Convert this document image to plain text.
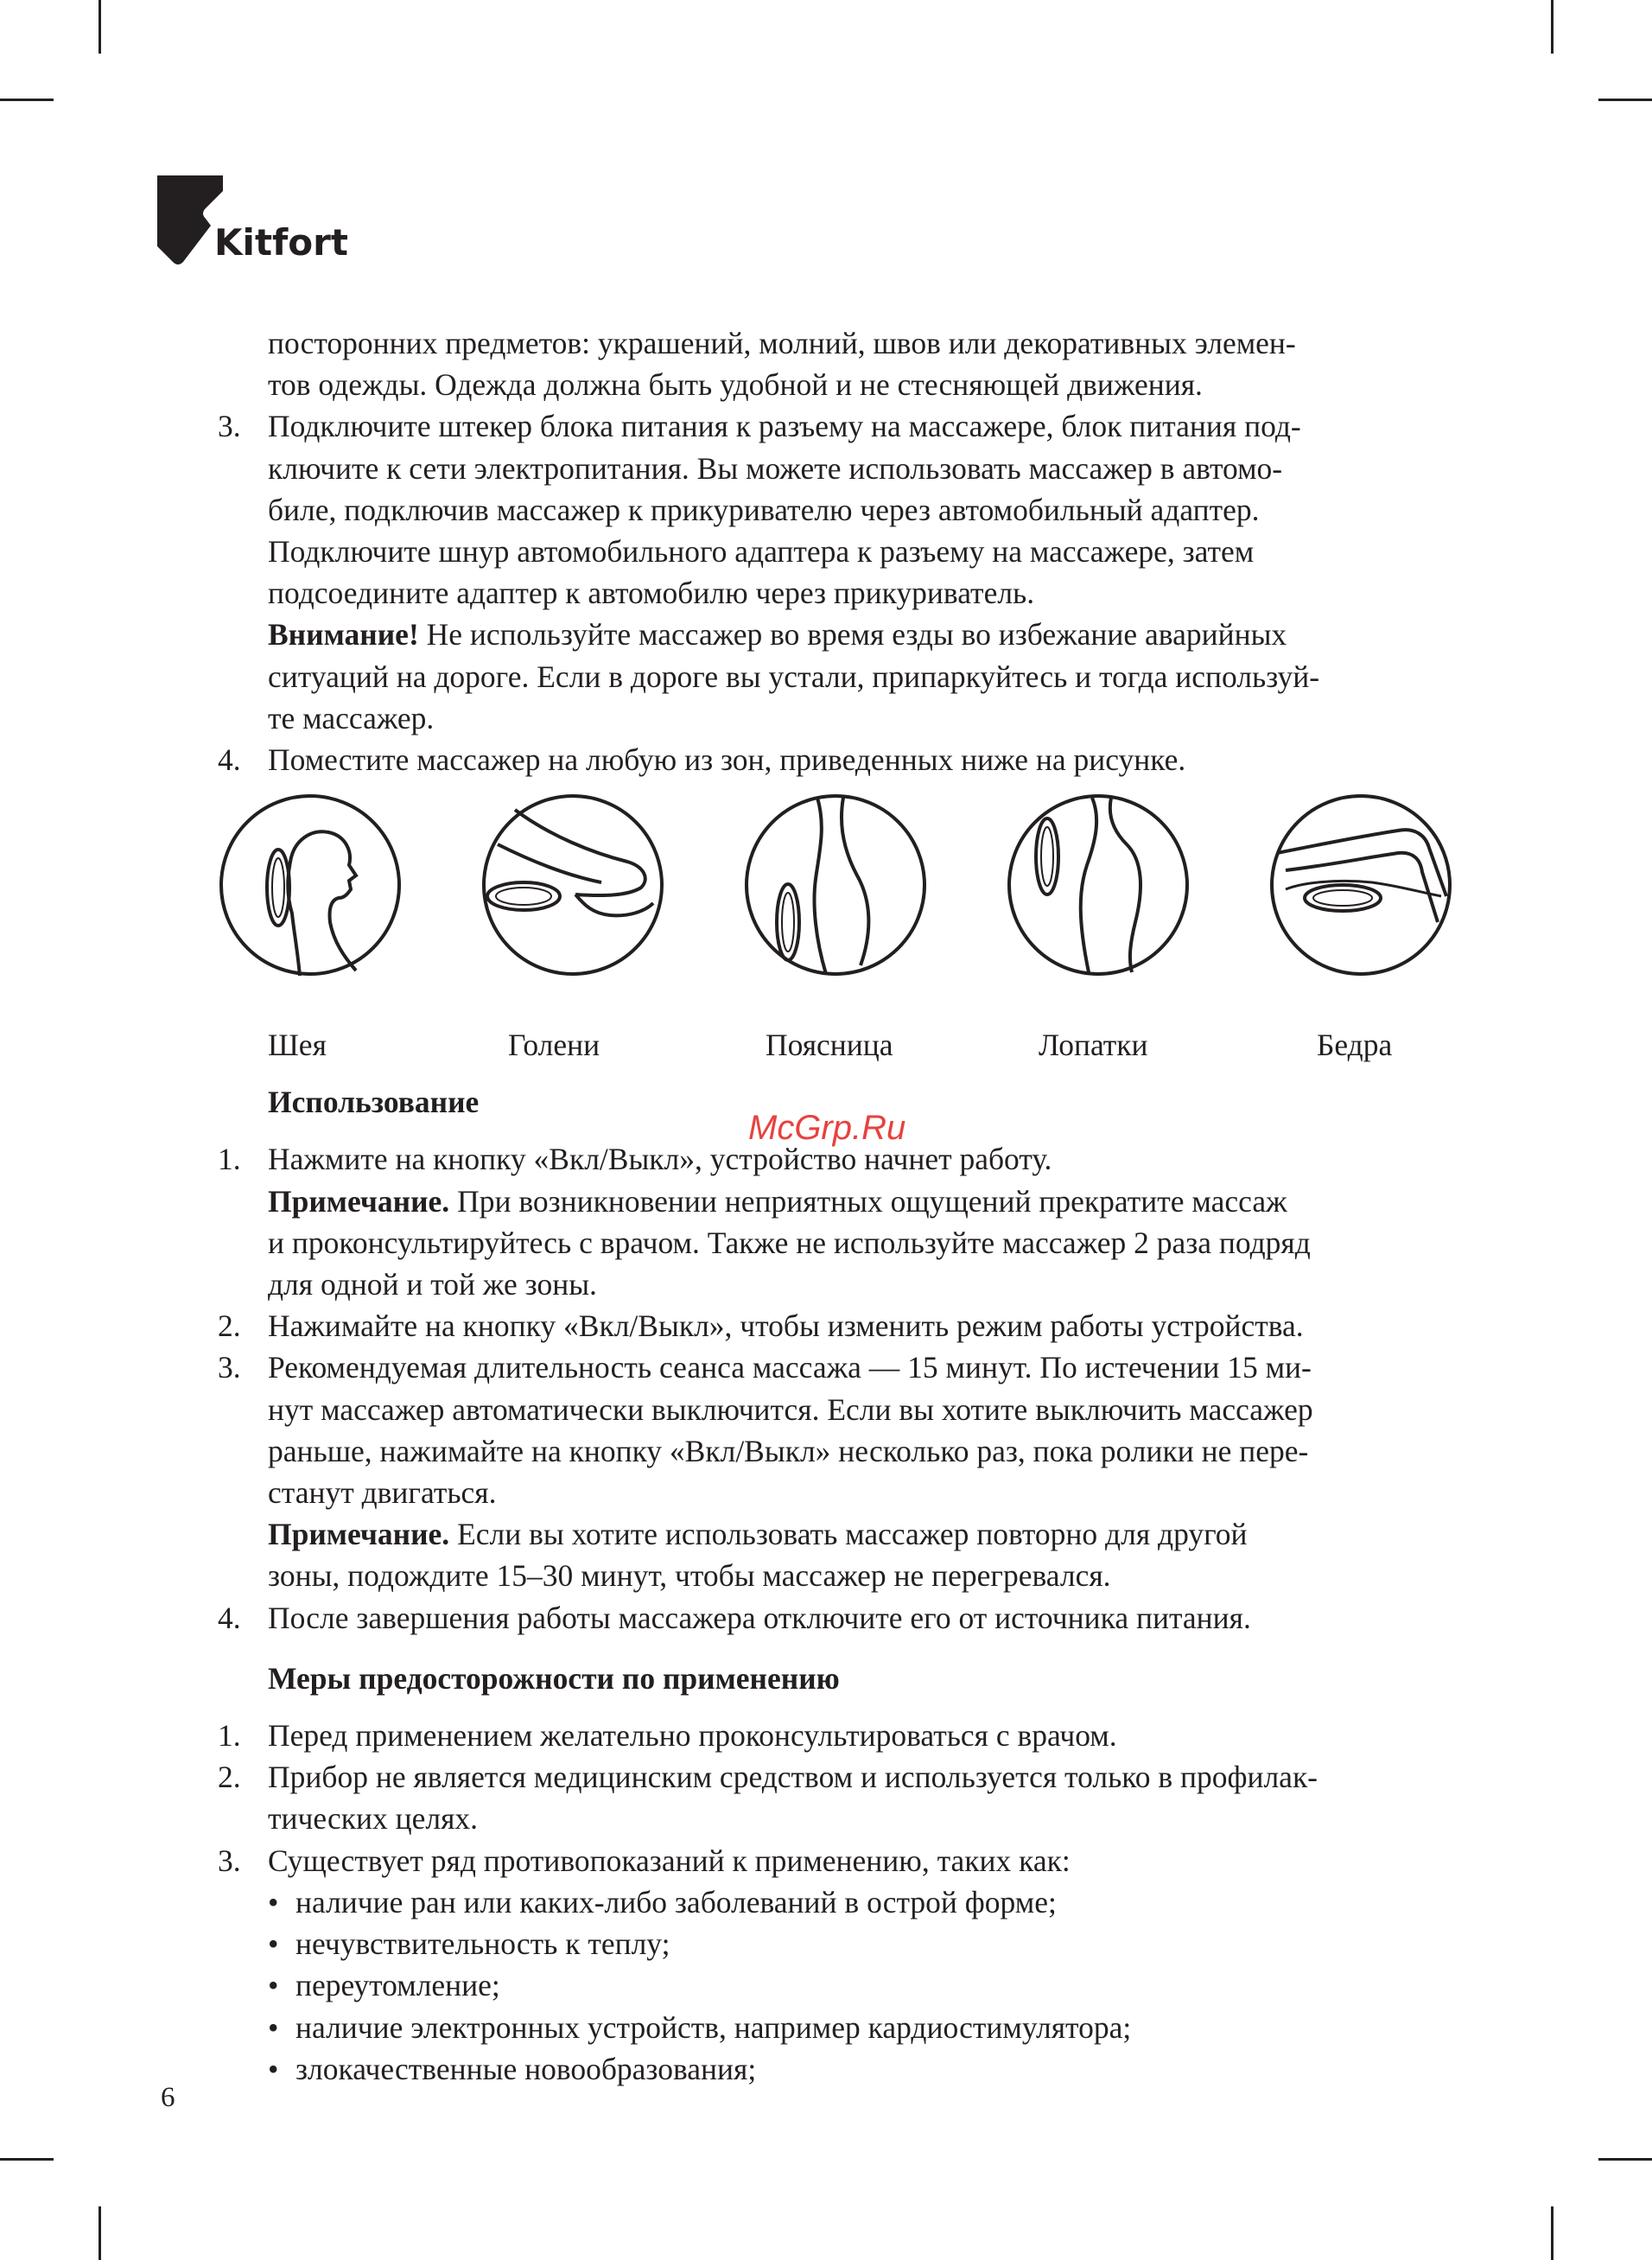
Kitfort

посторонних предметов: украшений, молний, швов или декоративных элемен-

тов одежды. Одежда должна быть удобной и не стесняющей движения.

3. Подключите штекер блока питания к разъему на массажере, блок питания под-

ключите к сети электропитания. Вы можете использовать массажер в автомо-

биле, подключив массажер к прикуривателю через автомобильный адаптер.

Подключите шнур автомобильного адаптера к разъему на массажере, затем

подсоедините адаптер к автомобилю через прикуриватель.

Внимание! Не используйте массажер во время езды во избежание аварийных

ситуаций на дороге. Если в дороге вы устали, припаркуйтесь и тогда используй-

те массажер.

4. Поместите массажер на любую из зон, приведенных ниже на рисунке.

Шея	Голени	Поясница	Лопатки	Бедра
Использование

1. Нажмите на кнопку «Вкл/Выкл», устройство начнет работу.

Примечание. При возникновении неприятных ощущений прекратите массаж

и проконсультируйтесь с врачом. Также не используйте массажер 2 раза подряд

для одной и той же зоны.

2. Нажимайте на кнопку «Вкл/Выкл», чтобы изменить режим работы устройства.

3. Рекомендуемая длительность сеанса массажа — 15 минут. По истечении 15 ми-

нут массажер автоматически выключится. Если вы хотите выключить массажер

раньше, нажимайте на кнопку «Вкл/Выкл» несколько раз, пока ролики не пере-

станут двигаться.

Примечание. Если вы хотите использовать массажер повторно для другой

зоны, подождите 15–30 минут, чтобы массажер не перегревался.

4. После завершения работы массажера отключите его от источника питания.

Меры предосторожности по применению

1. Перед применением желательно проконсультироваться с врачом.

2. Прибор не является медицинским средством и используется только в профилак-

тических целях.

3. Существует ряд противопоказаний к применению, таких как:

• наличие ран или каких-либо заболеваний в острой форме;

• нечувствительность к теплу;

• переутомление;

• наличие электронных устройств, например кардиостимулятора;

• злокачественные новообразования;

McGrp.Ru
6
